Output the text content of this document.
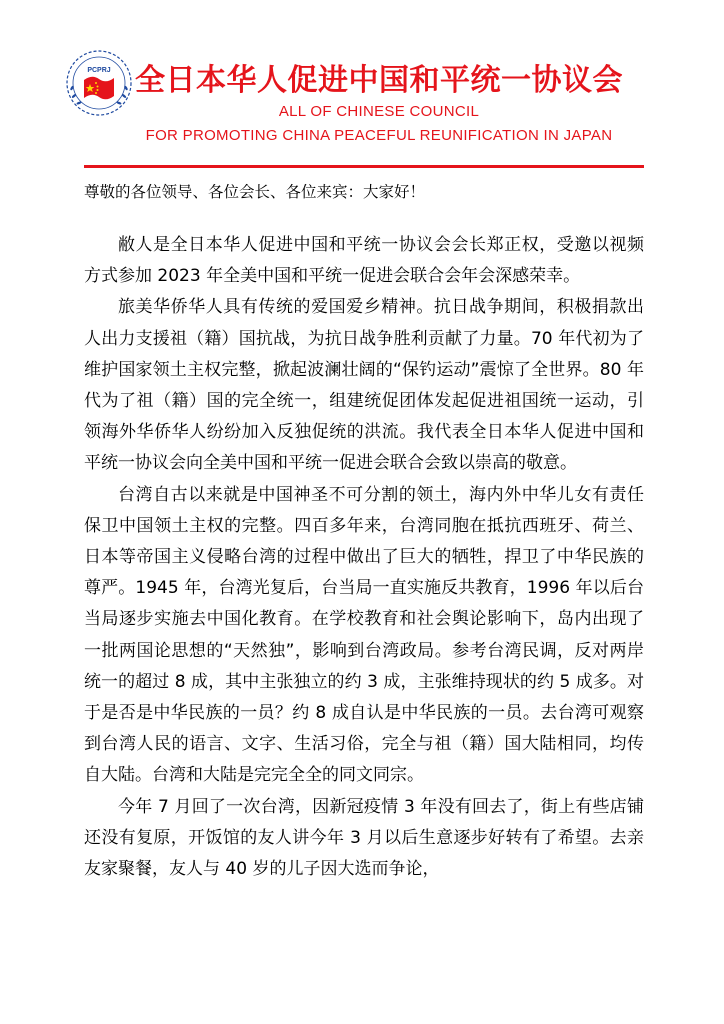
PCPRJ 全日本华人促进中国和平统一协议会
ALL OF CHINESE COUNCIL
FOR PROMOTING CHINA PEACEFUL REUNIFICATION IN JAPAN
尊敬的各位领导、各位会长、各位来宾：大家好！

敝人是全日本华人促进中国和平统一协议会会长郑正权，受邀以视频方式参加 2023 年全美中国和平统一促进会联合会年会深感荣幸。

旅美华侨华人具有传统的爱国爱乡精神。抗日战争期间，积极捐款出人出力支援祖（籍）国抗战，为抗日战争胜利贡献了力量。70 年代初为了维护国家领土主权完整，掀起波澜壮阔的“保钓运动”震惊了全世界。80 年代为了祖（籍）国的完全统一，组建统促团体发起促进祖国统一运动，引领海外华侨华人纷纷加入反独促统的洪流。我代表全日本华人促进中国和平统一协议会向全美中国和平统一促进会联合会致以崇高的敬意。

台湾自古以来就是中国神圣不可分割的领土，海内外中华儿女有责任保卫中国领土主权的完整。四百多年来，台湾同胞在抵抗西班牙、荷兰、日本等帝国主义侵略台湾的过程中做出了巨大的牺牲，捍卫了中华民族的尊严。1945 年，台湾光复后，台当局一直实施反共教育，1996 年以后台当局逐步实施去中国化教育。在学校教育和社会舆论影响下，岛内出现了一批两国论思想的“天然独”，影响到台湾政局。参考台湾民调，反对两岸统一的超过 8 成，其中主张独立的约 3 成，主张维持现状的约 5 成多。对于是否是中华民族的一员？约 8 成自认是中华民族的一员。去台湾可观察到台湾人民的语言、文字、生活习俗，完全与祖（籍）国大陆相同，均传自大陆。台湾和大陆是完完全全的同文同宗。

今年 7 月回了一次台湾，因新冠疫情 3 年没有回去了，街上有些店铺还没有复原，开饭馆的友人讲今年 3 月以后生意逐步好转有了希望。去亲友家聚餐，友人与 40 岁的儿子因大选而争论，
